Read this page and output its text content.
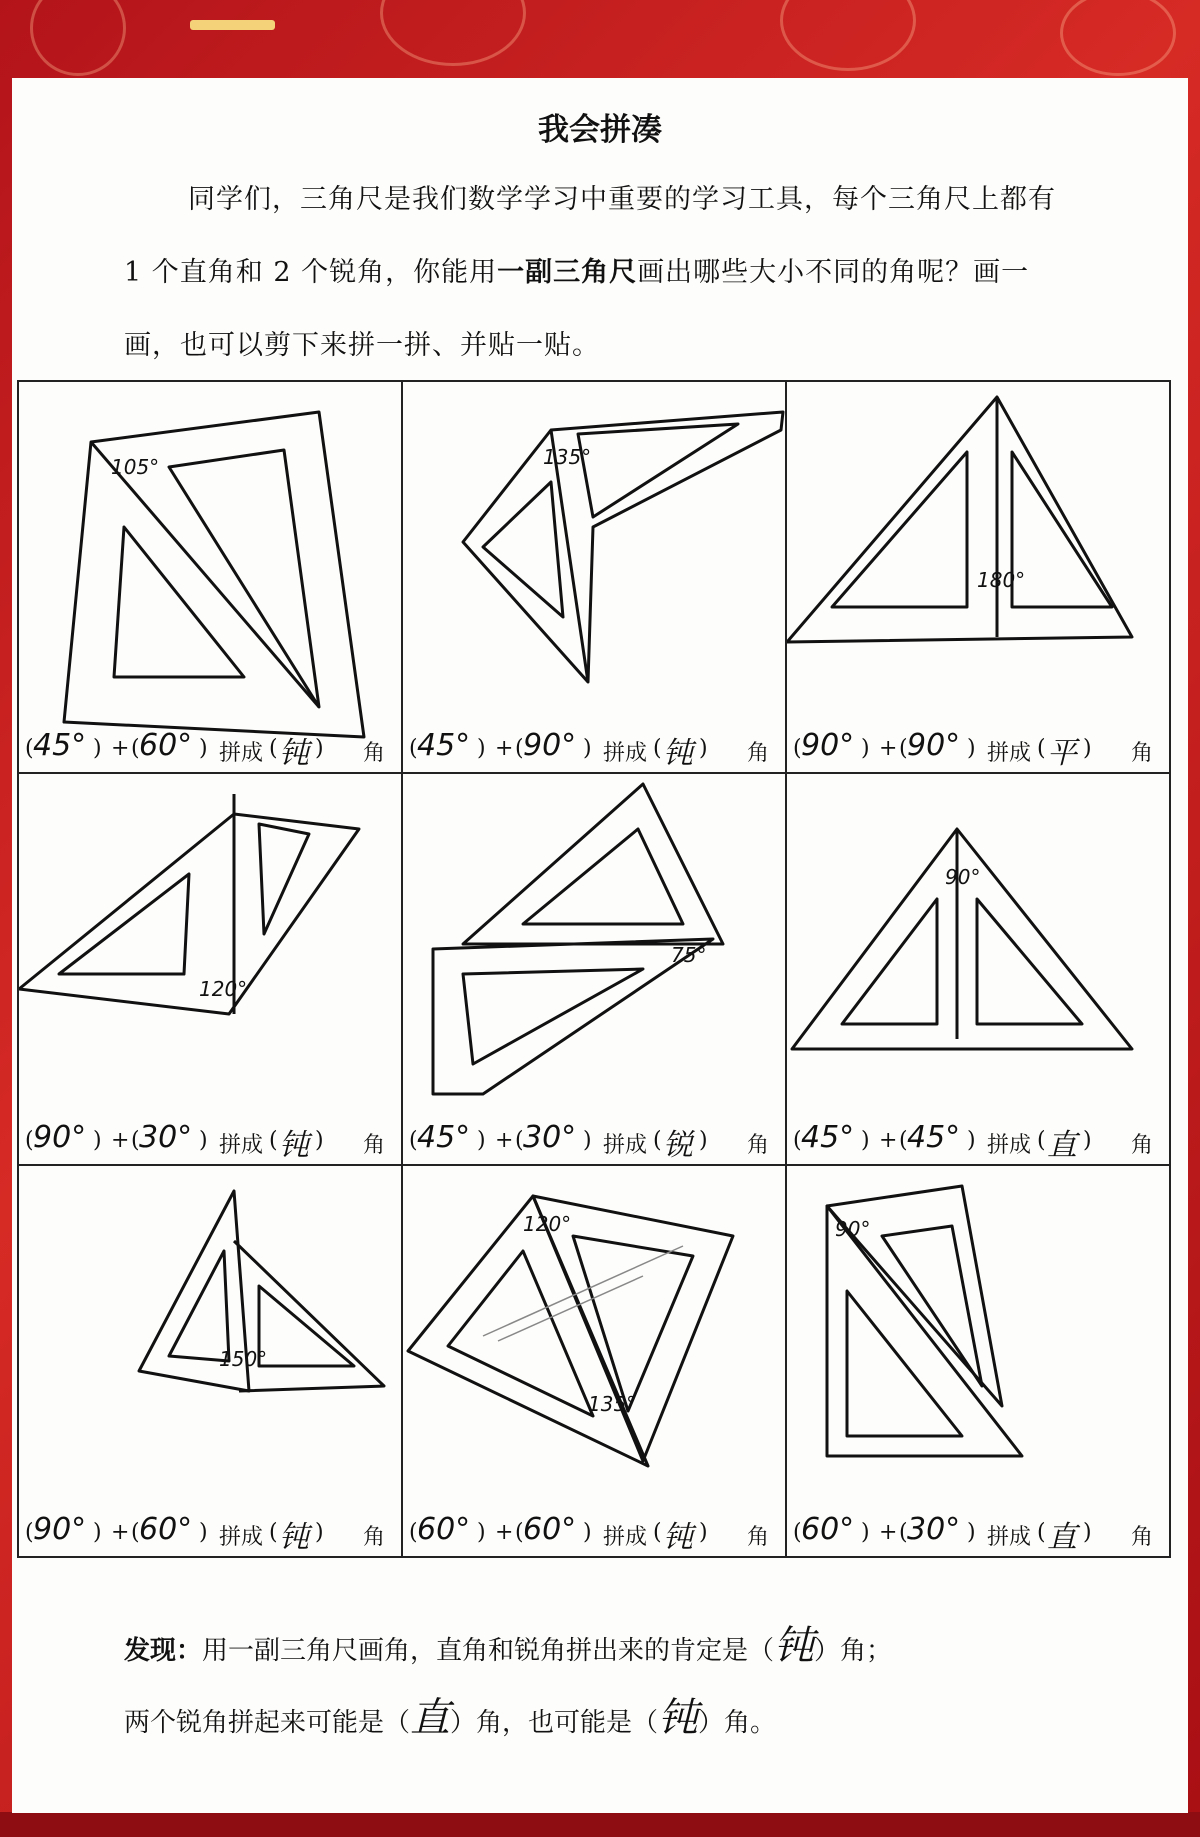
我会拼凑
同学们，三角尺是我们数学学习中重要的学习工具，每个三角尺上都有 1 个直角和 2 个锐角，你能用一副三角尺画出哪些大小不同的角呢？画一画，也可以剪下来拼一拼、并贴一贴。
105°
( 45° ) + ( 60° ) 拼成 ( 钝 ) 角
135°
( 45° ) + ( 90° ) 拼成 ( 钝 ) 角
180°
( 90° ) + ( 90° ) 拼成 ( 平 ) 角
120°
( 90° ) + ( 30° ) 拼成 ( 钝 ) 角
75°
( 45° ) + ( 30° ) 拼成 ( 锐 ) 角
90°
( 45° ) + ( 45° ) 拼成 ( 直 ) 角
150°
( 90° ) + ( 60° ) 拼成 ( 钝 ) 角
120°
135°
( 60° ) + ( 60° ) 拼成 ( 钝 ) 角
90°
( 60° ) + ( 30° ) 拼成 ( 直 ) 角
发现：用一副三角尺画角，直角和锐角拼出来的肯定是（钝）角；
两个锐角拼起来可能是（直）角，也可能是（钝）角。
